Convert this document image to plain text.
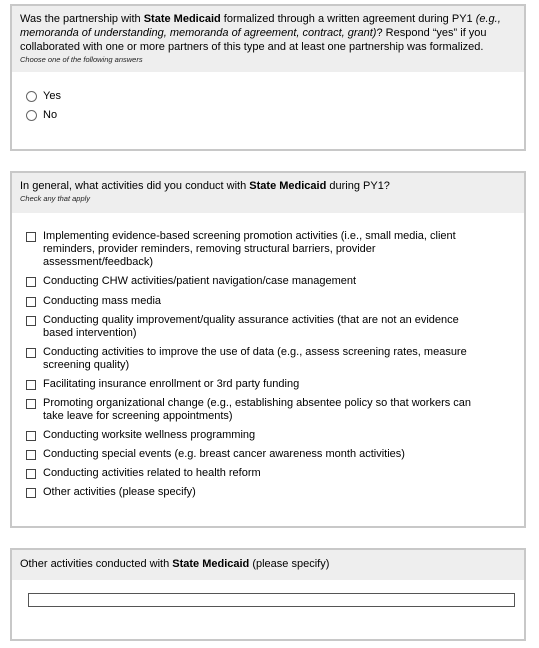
Was the partnership with State Medicaid formalized through a written agreement during PY1 (e.g., memoranda of understanding, memoranda of agreement, contract, grant)? Respond “yes” if you collaborated with one or more partners of this type and at least one partnership was formalized.
Choose one of the following answers
Yes
No
In general, what activities did you conduct with State Medicaid during PY1?
Check any that apply
Implementing evidence-based screening promotion activities (i.e., small media, client reminders, provider reminders, removing structural barriers, provider assessment/feedback)
Conducting CHW activities/patient navigation/case management
Conducting mass media
Conducting quality improvement/quality assurance activities (that are not an evidence based intervention)
Conducting activities to improve the use of data (e.g., assess screening rates, measure screening quality)
Facilitating insurance enrollment or 3rd party funding
Promoting organizational change (e.g., establishing absentee policy so that workers can take leave for screening appointments)
Conducting worksite wellness programming
Conducting special events (e.g. breast cancer awareness month activities)
Conducting activities related to health reform
Other activities (please specify)
Other activities conducted with State Medicaid (please specify)
